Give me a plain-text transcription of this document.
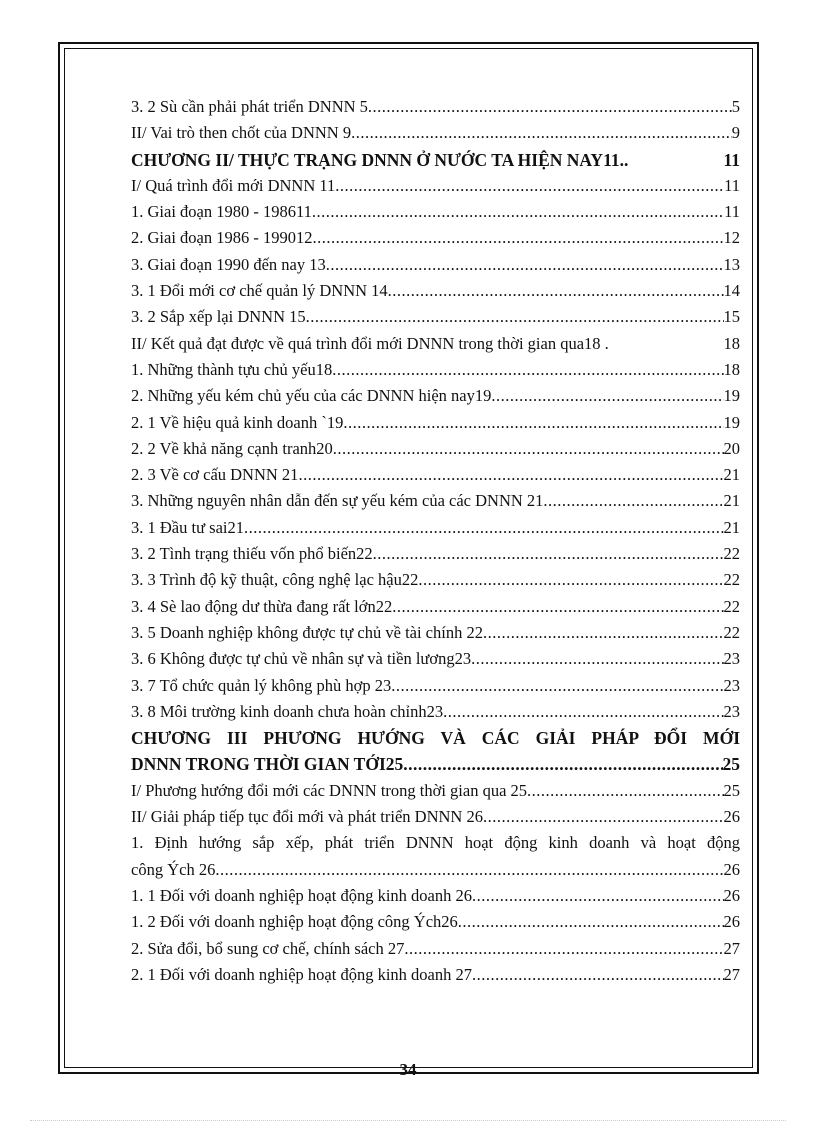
3. 2 Sù cần phải phát triển DNNN 5 .....	5
II/ Vai trò then chốt của DNNN 9 .....	9
CHƯƠNG II/ THỰC TRẠNG DNNN Ở NƯỚC TA HIỆN NAY11..	11
I/ Quá trình đổi mới DNNN 11 .....	11
1. Giai đoạn 1980 - 198611 .....	11
2. Giai đoạn 1986 - 199012 .....	12
3. Giai đoạn 1990 đến nay 13 .....	13
3. 1 Đổi mới cơ chế quản lý DNNN 14 .....	14
3. 2 Sắp xếp lại DNNN 15 .....	15
II/ Kết quả đạt được về quá trình đổi mới DNNN trong thời gian qua18 .	18
1. Những thành tựu chủ yếu18 .....	18
2. Những yếu kém chủ yếu của các DNNN hiện nay19 .....	19
2. 1 Về hiệu quả kinh doanh `19 .....	19
2. 2 Về khả năng cạnh tranh20 .....	20
2. 3 Về cơ cấu DNNN 21 .....	21
3. Những nguyên nhân dẫn đến sự yếu kém của các DNNN 21 .....	21
3. 1 Đầu tư sai21 .....	21
3. 2 Tình trạng thiếu vốn phổ biến22 .....	22
3. 3 Trình độ kỹ thuật, công nghệ lạc hậu22 .....	22
3. 4 Sè lao động dư thừa đang rất lớn22 .....	22
3. 5 Doanh nghiệp không được tự chủ về tài chính 22 .....	22
3. 6 Không được tự chủ về nhân sự và tiền lương23 .....	23
3. 7 Tổ chức quản lý không phù hợp 23 .....	23
3. 8 Môi trường kinh doanh chưa hoàn chỉnh23 .....	23
CHƯƠNG III PHƯƠNG HƯỚNG VÀ CÁC GIẢI PHÁP ĐỔI MỚI
DNNN TRONG THỜI GIAN TỚI25 .....	25
I/ Phương hướng đổi mới các DNNN trong thời gian qua 25 .....	25
II/ Giải pháp tiếp tục đổi mới và phát triển DNNN 26 .....	26
1. Định hướng sắp xếp, phát triển DNNN hoạt động kinh doanh và hoạt động
công Ých 26 .....	26
1. 1 Đối với doanh nghiệp hoạt động kinh doanh 26 .....	26
1. 2 Đối với doanh nghiệp hoạt động công Ých26 .....	26
2. Sửa đổi, bổ sung cơ chế, chính sách 27 .....	27
2. 1 Đối với doanh nghiệp hoạt động kinh doanh 27 .....	27
34
